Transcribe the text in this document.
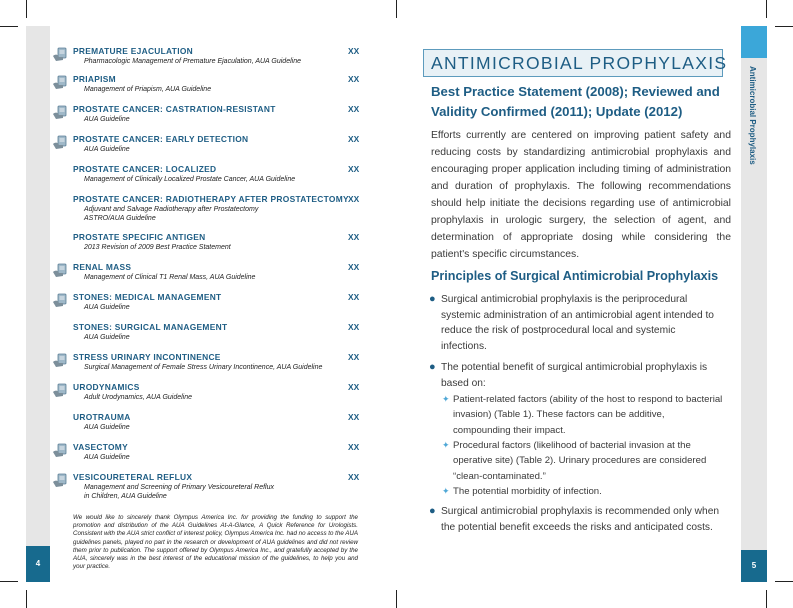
4
PREMATURE EJACULATION
Pharmacologic Management of Premature Ejaculation, AUA Guideline
XX
PRIAPISM
Management of Priapism, AUA Guideline
XX
PROSTATE CANCER: CASTRATION-RESISTANT
AUA Guideline
XX
PROSTATE CANCER: EARLY DETECTION
AUA Guideline
XX
PROSTATE CANCER: LOCALIZED
Management of Clinically Localized Prostate Cancer, AUA Guideline
XX
PROSTATE CANCER: RADIOTHERAPY AFTER PROSTATECTOMY
Adjuvant and Salvage Radiotherapy after Prostatectomy
ASTRO/AUA Guideline
XX
PROSTATE SPECIFIC ANTIGEN
2013 Revision of 2009 Best Practice Statement
XX
RENAL MASS
Management of Clinical T1 Renal Mass, AUA Guideline
XX
STONES: MEDICAL MANAGEMENT
AUA Guideline
XX
STONES: SURGICAL MANAGEMENT
AUA Guideline
XX
STRESS URINARY INCONTINENCE
Surgical Management of Female Stress Urinary Incontinence, AUA Guideline
XX
URODYNAMICS
Adult Urodynamics, AUA Guideline
XX
UROTRAUMA
AUA Guideline
XX
VASECTOMY
AUA Guideline
XX
VESICOURETERAL REFLUX
Management and Screening of Primary Vesicoureteral Reflux
in Children, AUA Guideline
XX
We would like to sincerely thank Olympus America Inc. for providing the funding to support the promotion and distribution of the AUA Guidelines At-A-Glance, A Quick Reference for Urologists. Consistent with the AUA strict conflict of interest policy, Olympus America Inc. had no access to the AUA guidelines panels, played no part in the research or development of AUA guidelines and did not review them prior to publication. The support offered by Olympus America Inc., and gratefully accepted by the AUA, sincerely was in the best interest of the educational mission of the guidelines, to help you and your practice.
Antimicrobial Prophylaxis
5
ANTIMICROBIAL PROPHYLAXIS
Best Practice Statement (2008); Reviewed and Validity Confirmed (2011); Update (2012)
Efforts currently are centered on improving patient safety and reducing costs by standardizing antimicrobial prophylaxis and encouraging proper application including timing of administration and duration of prophylaxis. The following recommendations should help initiate the decisions regarding use of antimicrobial prophylaxis in urologic surgery, the selection of agent, and determination of appropriate dosing while considering the patient's specific circumstances.
Principles of Surgical Antimicrobial Prophylaxis
● Surgical antimicrobial prophylaxis is the periprocedural systemic administration of an antimicrobial agent intended to reduce the risk of postprocedural local and systemic infections.
● The potential benefit of surgical antimicrobial prophylaxis is based on:
✦ Patient-related factors (ability of the host to respond to bacterial invasion) (Table 1). These factors can be additive, compounding their impact.
✦ Procedural factors (likelihood of bacterial invasion at the operative site) (Table 2). Urinary procedures are considered “clean-contaminated.”
✦ The potential morbidity of infection.
● Surgical antimicrobial prophylaxis is recommended only when the potential benefit exceeds the risks and anticipated costs.
